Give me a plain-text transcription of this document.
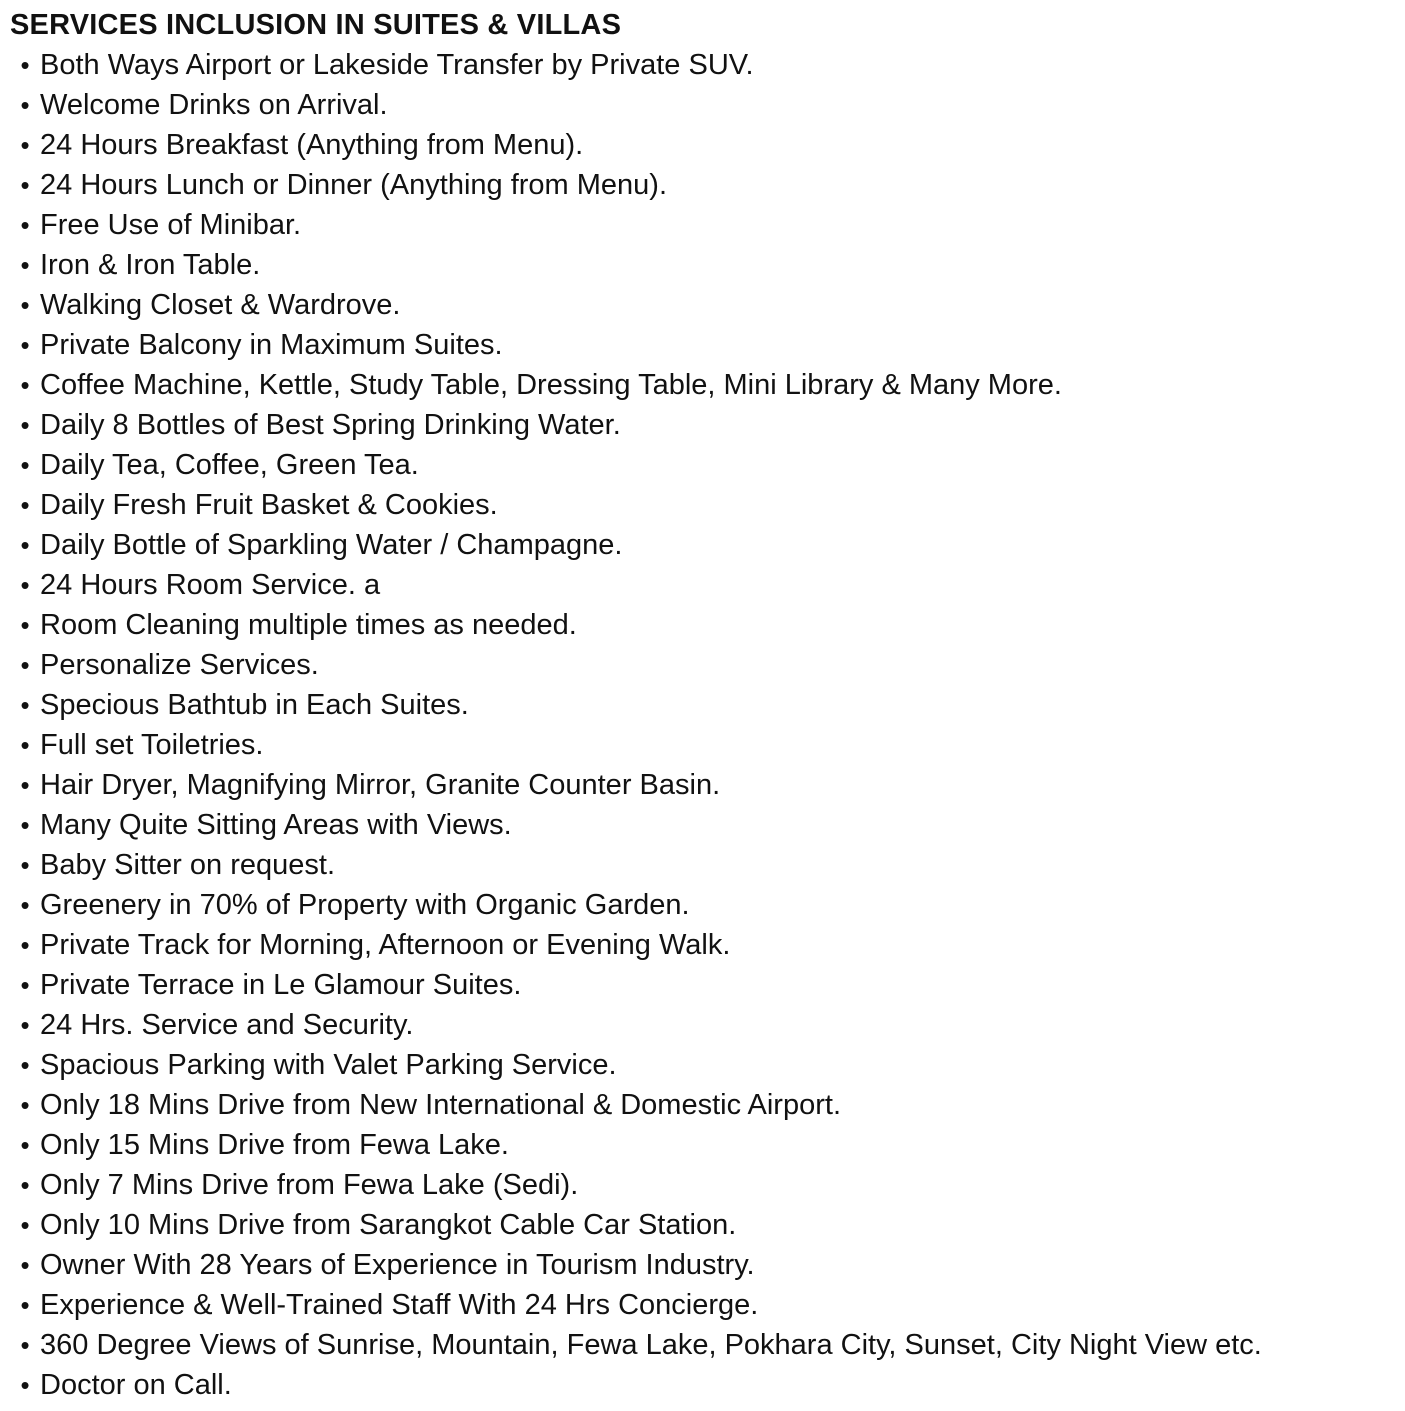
SERVICES INCLUSION IN SUITES & VILLAS
• Both Ways Airport or Lakeside Transfer by Private SUV.
• Welcome Drinks on Arrival.
• 24 Hours Breakfast (Anything from Menu).
• 24 Hours Lunch or Dinner (Anything from Menu).
• Free Use of Minibar.
• Iron & Iron Table.
• Walking Closet & Wardrove.
• Private Balcony in Maximum Suites.
• Coffee Machine, Kettle, Study Table, Dressing Table, Mini Library & Many More.
• Daily 8 Bottles of Best Spring Drinking Water.
• Daily Tea, Coffee, Green Tea.
• Daily Fresh Fruit Basket & Cookies.
• Daily Bottle of Sparkling Water / Champagne.
• 24 Hours Room Service. a
• Room Cleaning multiple times as needed.
• Personalize Services.
• Specious Bathtub in Each Suites.
• Full set Toiletries.
• Hair Dryer, Magnifying Mirror, Granite Counter Basin.
• Many Quite Sitting Areas with Views.
• Baby Sitter on request.
• Greenery in 70% of Property with Organic Garden.
• Private Track for Morning, Afternoon or Evening Walk.
• Private Terrace in Le Glamour Suites.
• 24 Hrs. Service and Security.
• Spacious Parking with Valet Parking Service.
• Only 18 Mins Drive from New International & Domestic Airport.
• Only 15 Mins Drive from Fewa Lake.
• Only 7 Mins Drive from Fewa Lake (Sedi).
• Only 10 Mins Drive from Sarangkot Cable Car Station.
• Owner With 28 Years of Experience in Tourism Industry.
• Experience & Well-Trained Staff With 24 Hrs Concierge.
• 360 Degree Views of Sunrise, Mountain, Fewa Lake, Pokhara City, Sunset, City Night View etc.
• Doctor on Call.
